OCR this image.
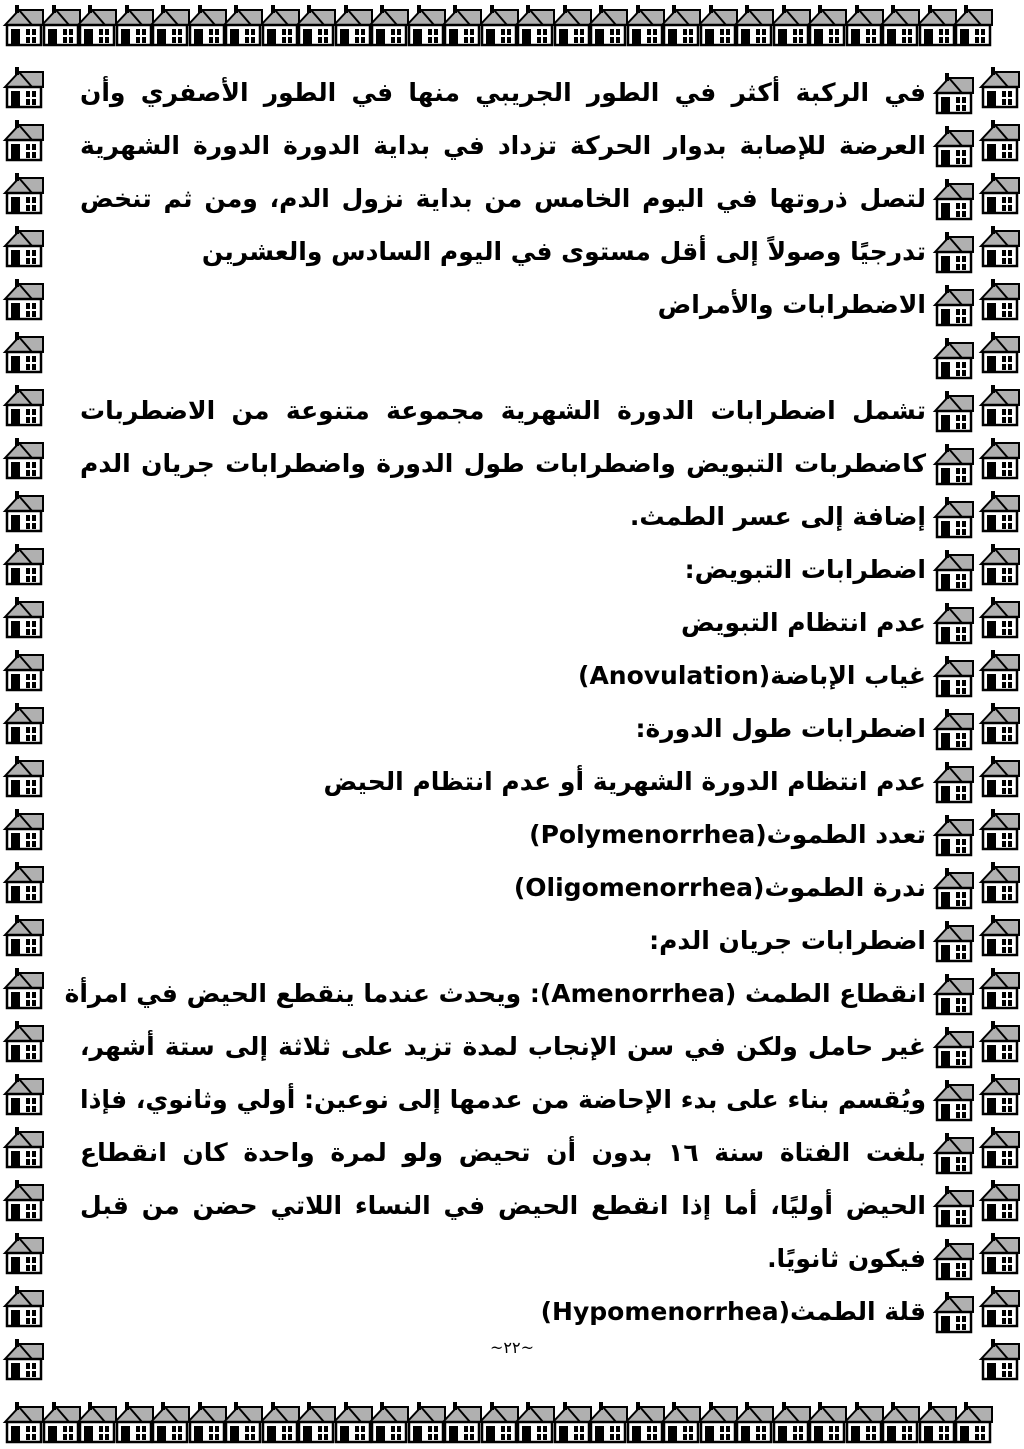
في الركبة أكثر في الطور الجريبي منها في الطور الأصفري وأن
العرضة للإصابة بدوار الحركة تزداد في بداية الدورة الدورة الشهرية
لتصل ذروتها في اليوم الخامس من بداية نزول الدم، ومن ثم تنخض
تدرجيًا وصولاً إلى أقل مستوى في اليوم السادس والعشرين
الاضطرابات والأمراض
تشمل اضطرابات الدورة الشهرية مجموعة متنوعة من الاضطربات
كاضطربات التبويض واضطرابات طول الدورة واضطرابات جريان الدم
إضافة إلى عسر الطمث.
اضطرابات التبويض:
عدم انتظام التبويض
غياب الإباضة(Anovulation)
اضطرابات طول الدورة:
عدم انتظام الدورة الشهرية أو عدم انتظام الحيض
تعدد الطموث(Polymenorrhea)
ندرة الطموث(Oligomenorrhea)
اضطرابات جريان الدم:
انقطاع الطمث (Amenorrhea): ويحدث عندما ينقطع الحيض في امرأة
غير حامل ولكن في سن الإنجاب لمدة تزيد على ثلاثة إلى ستة أشهر،
ويُقسم بناء على بدء الإحاضة من عدمها إلى نوعين: أولي وثانوي، فإذا
بلغت الفتاة سنة ١٦ بدون أن تحيض ولو لمرة واحدة كان انقطاع
الحيض أوليًا، أما إذا انقطع الحيض في النساء اللاتي حضن من قبل
فيكون ثانويًا.
قلة الطمث(Hypomenorrhea)
~٢٢~
